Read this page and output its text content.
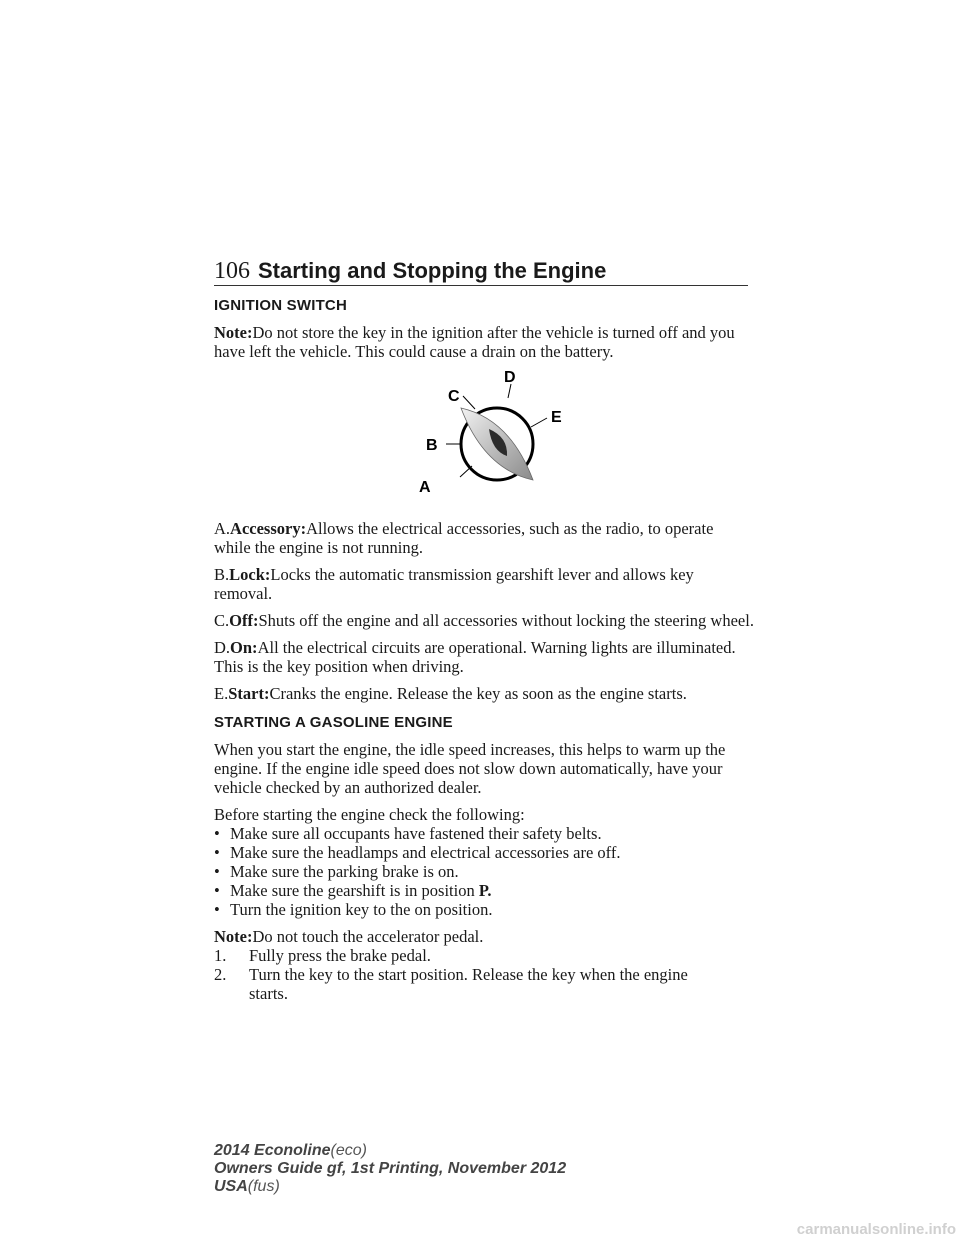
106 Starting and Stopping the Engine
IGNITION SWITCH

Note:Do not store the key in the ignition after the vehicle is turned off and you have left the vehicle. This could cause a drain on the battery.

A
B
C
D
E

A.Accessory:Allows the electrical accessories, such as the radio, to operate while the engine is not running.

B.Lock:Locks the automatic transmission gearshift lever and allows key removal.

C.Off:Shuts off the engine and all accessories without locking the steering wheel.

D.On:All the electrical circuits are operational. Warning lights are illuminated. This is the key position when driving.

E.Start:Cranks the engine. Release the key as soon as the engine starts.

STARTING A GASOLINE ENGINE

When you start the engine, the idle speed increases, this helps to warm up the engine. If the engine idle speed does not slow down automatically, have your vehicle checked by an authorized dealer.

Before starting the engine check the following:

• Make sure all occupants have fastened their safety belts.
• Make sure the headlamps and electrical accessories are off.
• Make sure the parking brake is on.
• Make sure the gearshift is in position P.
• Turn the ignition key to the on position.

Note:Do not touch the accelerator pedal.

1.	Fully press the brake pedal.
2.	Turn the key to the start position. Release the key when the engine starts.
2014 Econoline(eco)
Owners Guide gf, 1st Printing, November 2012
USA(fus)
carmanualsonline.info
